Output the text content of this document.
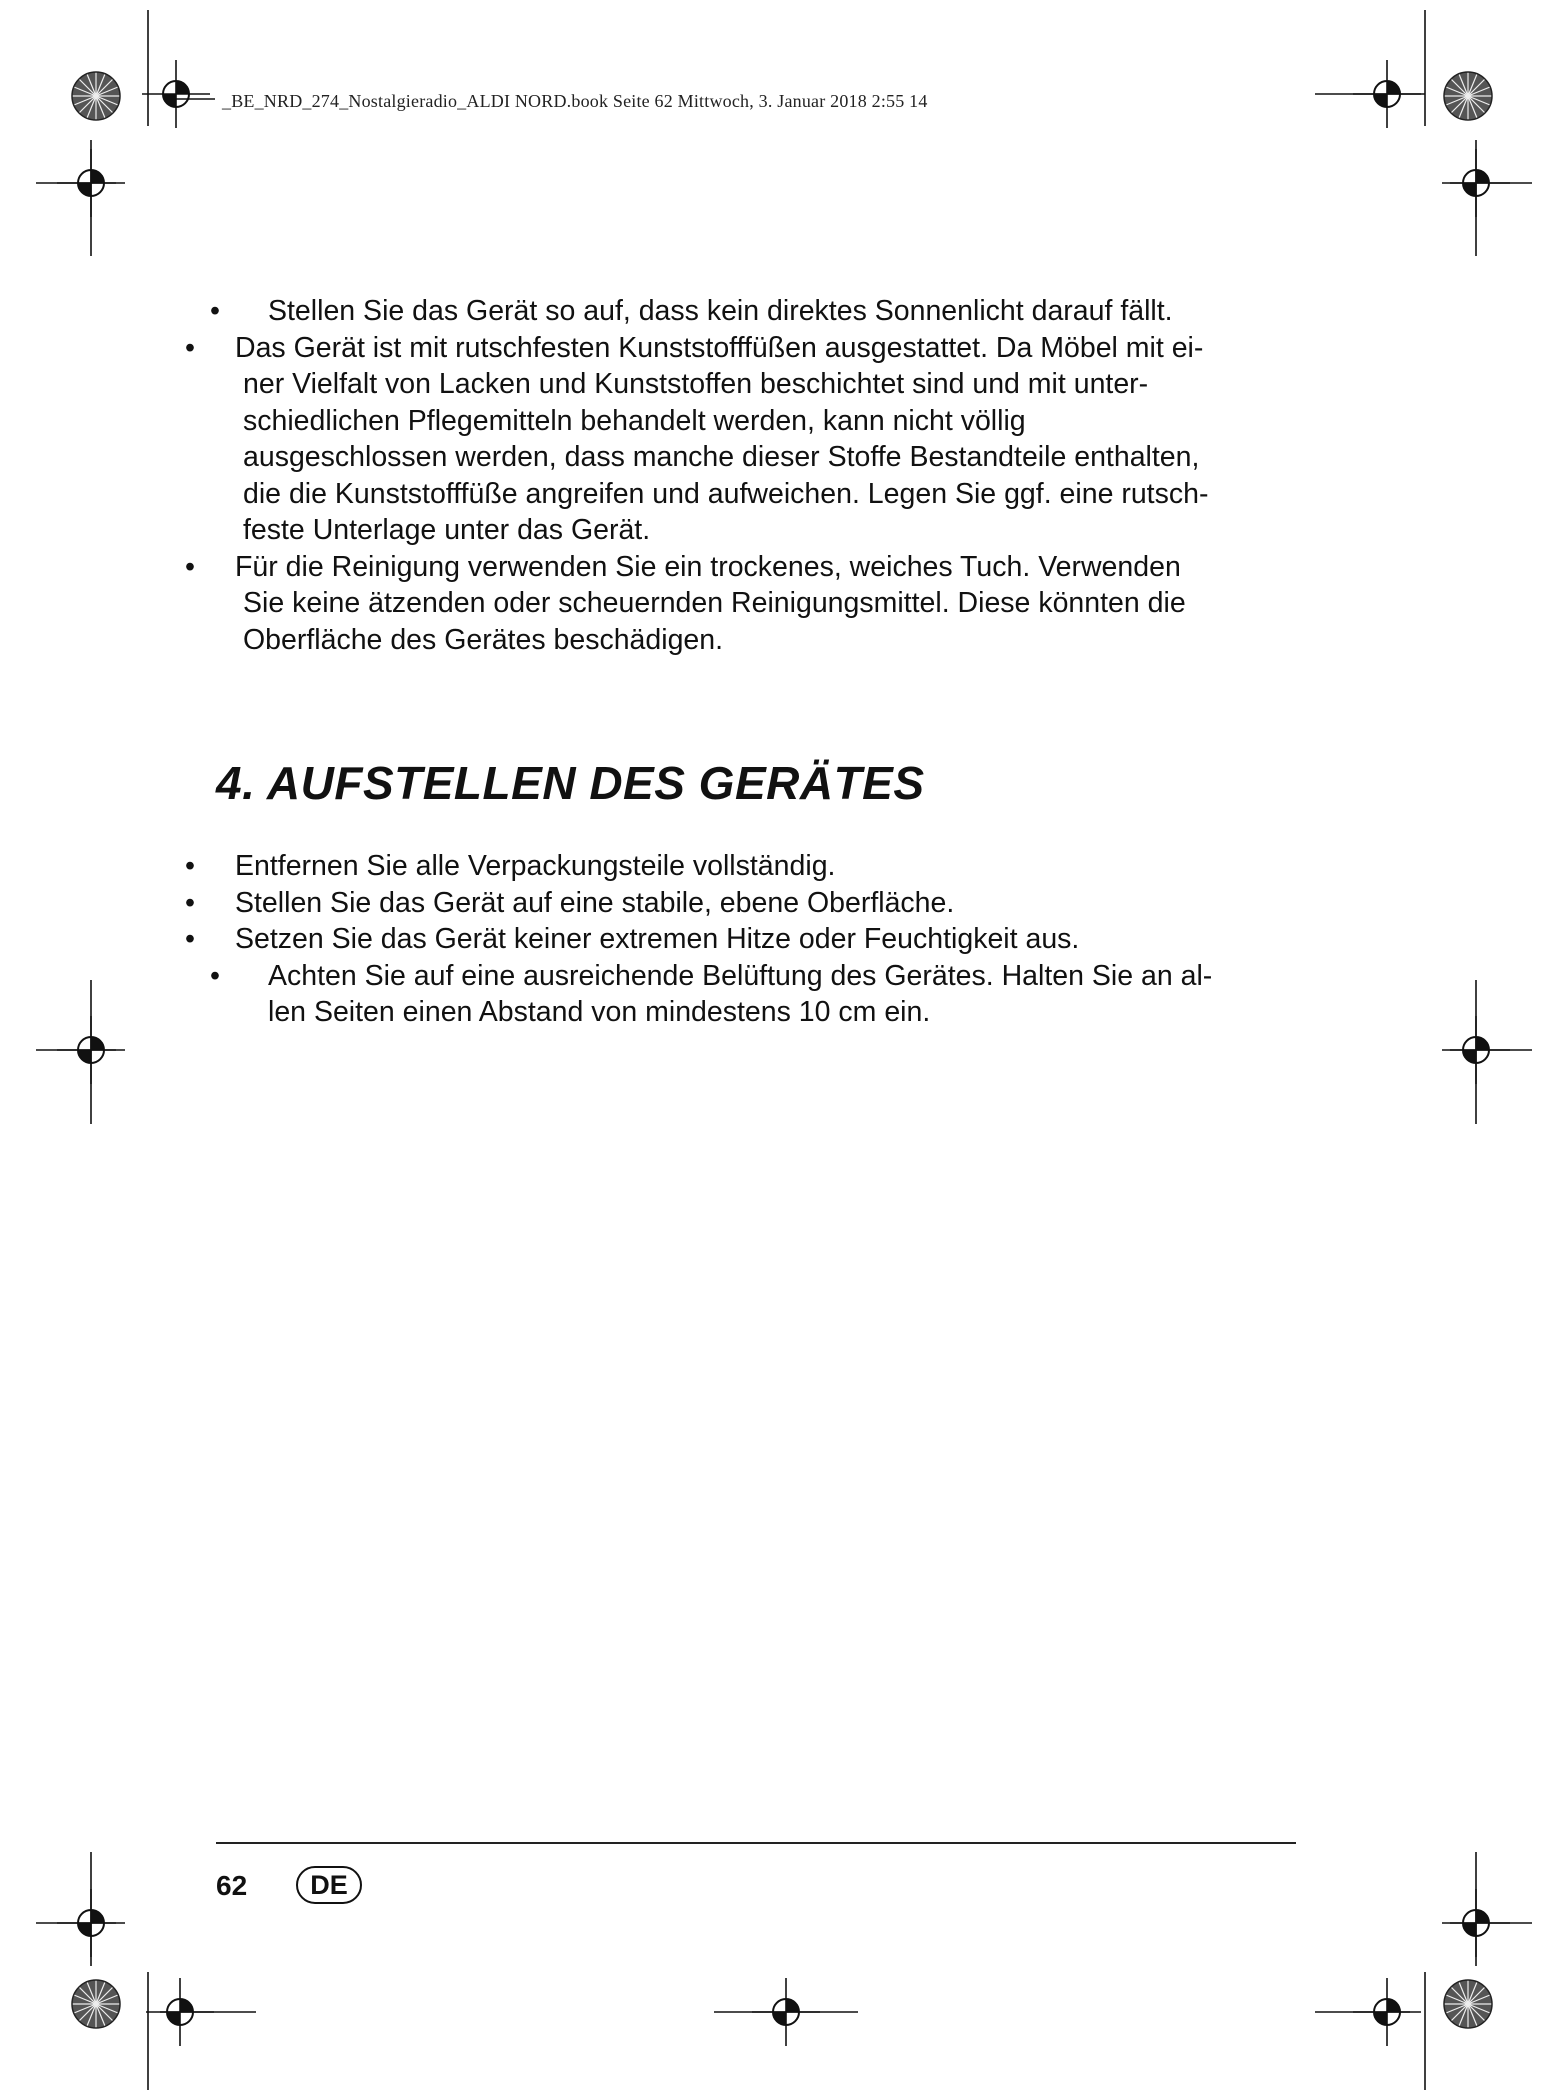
_BE_NRD_274_Nostalgieradio_ALDI NORD.book Seite 62 Mittwoch, 3. Januar 2018 2:55 14
• Stellen Sie das Gerät so auf, dass kein direktes Sonnenlicht darauf fällt.
• Das Gerät ist mit rutschfesten Kunststofffüßen ausgestattet. Da Möbel mit ei-
ner Vielfalt von Lacken und Kunststoffen beschichtet sind und mit unter-
schiedlichen Pflegemitteln behandelt werden, kann nicht völlig
ausgeschlossen werden, dass manche dieser Stoffe Bestandteile enthalten,
die die Kunststofffüße angreifen und aufweichen. Legen Sie ggf. eine rutsch-
feste Unterlage unter das Gerät.
• Für die Reinigung verwenden Sie ein trockenes, weiches Tuch. Verwenden
Sie keine ätzenden oder scheuernden Reinigungsmittel. Diese könnten die
Oberfläche des Gerätes beschädigen.
4. AUFSTELLEN DES GERÄTES
• Entfernen Sie alle Verpackungsteile vollständig.
• Stellen Sie das Gerät auf eine stabile, ebene Oberfläche.
• Setzen Sie das Gerät keiner extremen Hitze oder Feuchtigkeit aus.
• Achten Sie auf eine ausreichende Belüftung des Gerätes. Halten Sie an al-
len Seiten einen Abstand von mindestens 10 cm ein.
62	DE
